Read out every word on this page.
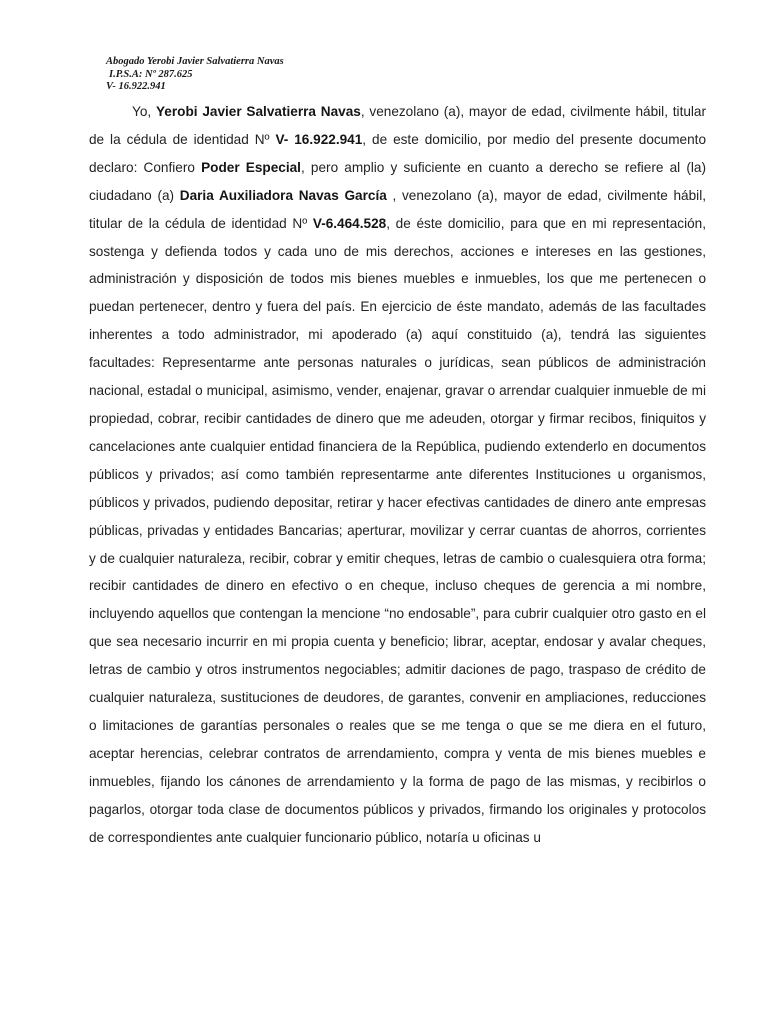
Abogado Yerobi Javier Salvatierra Navas
I.P.S.A: Nº 287.625
V- 16.922.941

Yo, Yerobi Javier Salvatierra Navas, venezolano (a), mayor de edad, civilmente hábil, titular de la cédula de identidad Nº V- 16.922.941, de este domicilio, por medio del presente documento declaro: Confiero Poder Especial, pero amplio y suficiente en cuanto a derecho se refiere al (la) ciudadano (a) Daria Auxiliadora Navas García , venezolano (a), mayor de edad, civilmente hábil, titular de la cédula de identidad Nº V-6.464.528, de éste domicilio, para que en mi representación, sostenga y defienda todos y cada uno de mis derechos, acciones e intereses en las gestiones, administración y disposición de todos mis bienes muebles e inmuebles, los que me pertenecen o puedan pertenecer, dentro y fuera del país. En ejercicio de éste mandato, además de las facultades inherentes a todo administrador, mi apoderado (a) aquí constituido (a), tendrá las siguientes facultades: Representarme ante personas naturales o jurídicas, sean públicos de administración nacional, estadal o municipal, asimismo, vender, enajenar, gravar o arrendar cualquier inmueble de mi propiedad, cobrar, recibir cantidades de dinero que me adeuden, otorgar y firmar recibos, finiquitos y cancelaciones ante cualquier entidad financiera de la República, pudiendo extenderlo en documentos públicos y privados; así como también representarme ante diferentes Instituciones u organismos, públicos y privados, pudiendo depositar, retirar y hacer efectivas cantidades de dinero ante empresas públicas, privadas y entidades Bancarias; aperturar, movilizar y cerrar cuantas de ahorros, corrientes y de cualquier naturaleza, recibir, cobrar y emitir cheques, letras de cambio o cualesquiera otra forma; recibir cantidades de dinero en efectivo o en cheque, incluso cheques de gerencia a mi nombre, incluyendo aquellos que contengan la mencione “no endosable”, para cubrir cualquier otro gasto en el que sea necesario incurrir en mi propia cuenta y beneficio; librar, aceptar, endosar y avalar cheques, letras de cambio y otros instrumentos negociables; admitir daciones de pago, traspaso de crédito de cualquier naturaleza, sustituciones de deudores, de garantes, convenir en ampliaciones, reducciones o limitaciones de garantías personales o reales que se me tenga o que se me diera en el futuro, aceptar herencias, celebrar contratos de arrendamiento, compra y venta de mis bienes muebles e inmuebles, fijando los cánones de arrendamiento y la forma de pago de las mismas, y recibirlos o pagarlos, otorgar toda clase de documentos públicos y privados, firmando los originales y protocolos de correspondientes ante cualquier funcionario público, notaría u oficinas u
